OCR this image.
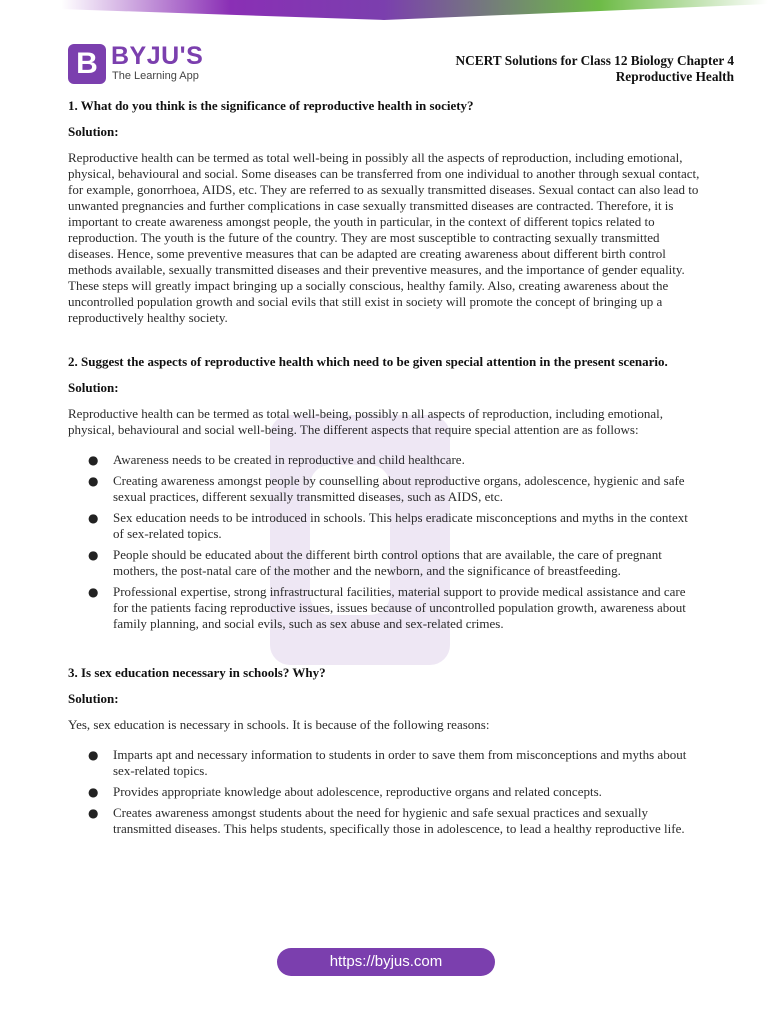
B BYJU'S
The Learning App
NCERT Solutions for Class 12 Biology Chapter 4
Reproductive Health

1. What do you think is the significance of reproductive health in society?

Solution:

Reproductive health can be termed as total well-being in possibly all the aspects of reproduction, including emotional, physical, behavioural and social. Some diseases can be transferred from one individual to another through sexual contact, for example, gonorrhoea, AIDS, etc. They are referred to as sexually transmitted diseases. Sexual contact can also lead to unwanted pregnancies and further complications in case sexually transmitted diseases are contracted. Therefore, it is important to create awareness amongst people, the youth in particular, in the context of different topics related to reproduction. The youth is the future of the country. They are most susceptible to contracting sexually transmitted diseases. Hence, some preventive measures that can be adapted are creating awareness about different birth control methods available, sexually transmitted diseases and their preventive measures, and the importance of gender equality. These steps will greatly impact bringing up a socially conscious, healthy family. Also, creating awareness about the uncontrolled population growth and social evils that still exist in society will promote the concept of bringing up a reproductively healthy society.

2. Suggest the aspects of reproductive health which need to be given special attention in the present scenario.

Solution:

Reproductive health can be termed as total well-being, possibly n all aspects of reproduction, including emotional, physical, behavioural and social well-being. The different aspects that require special attention are as follows:

● Awareness needs to be created in reproductive and child healthcare.
● Creating awareness amongst people by counselling about reproductive organs, adolescence, hygienic and safe sexual practices, different sexually transmitted diseases, such as AIDS, etc.
● Sex education needs to be introduced in schools. This helps eradicate misconceptions and myths in the context of sex-related topics.
● People should be educated about the different birth control options that are available, the care of pregnant mothers, the post-natal care of the mother and the newborn, and the significance of breastfeeding.
● Professional expertise, strong infrastructural facilities, material support to provide medical assistance and care for the patients facing reproductive issues, issues because of uncontrolled population growth, awareness about family planning, and social evils, such as sex abuse and sex-related crimes.

3. Is sex education necessary in schools? Why?

Solution:

Yes, sex education is necessary in schools. It is because of the following reasons:

● Imparts apt and necessary information to students in order to save them from misconceptions and myths about sex-related topics.
● Provides appropriate knowledge about adolescence, reproductive organs and related concepts.
● Creates awareness amongst students about the need for hygienic and safe sexual practices and sexually transmitted diseases. This helps students, specifically those in adolescence, to lead a healthy reproductive life.
https://byjus.com
